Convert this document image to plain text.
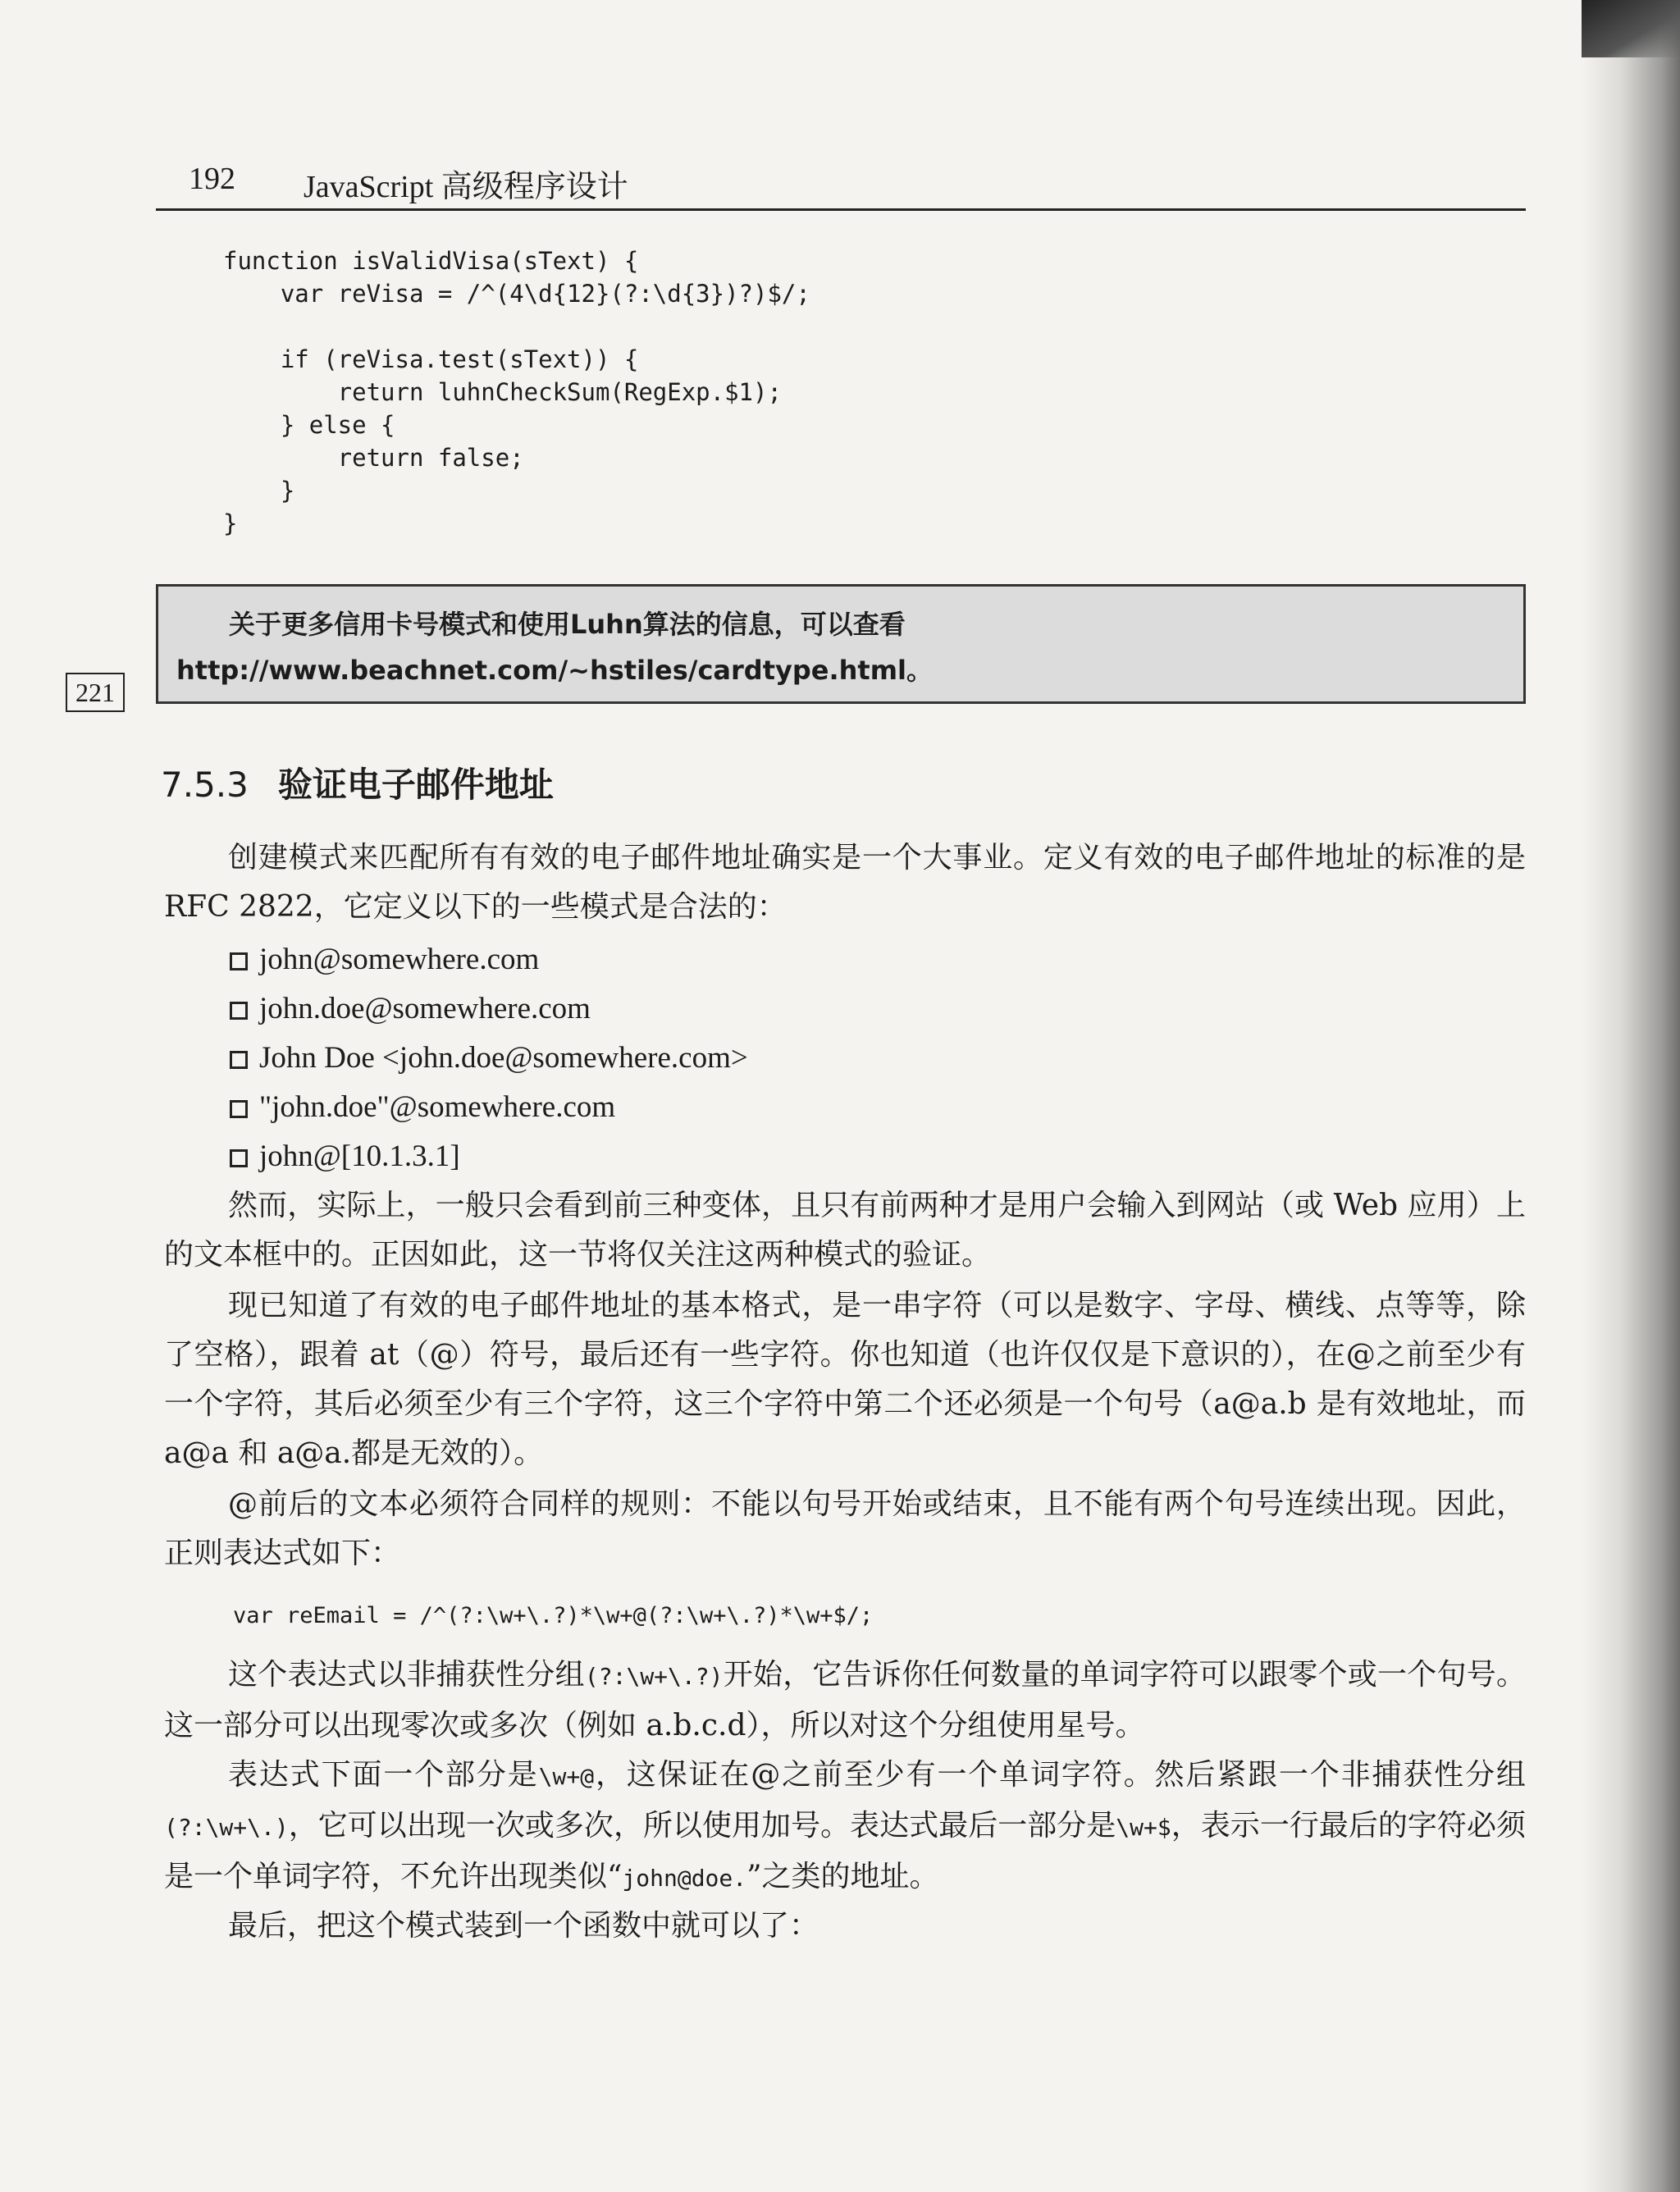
192 JavaScript 高级程序设计
function isValidVisa(sText) {
var reVisa = /^(4\d{12}(?:\d{3})?)$/;

if (reVisa.test(sText)) {
return luhnCheckSum(RegExp.$1);
} else {
return false;
}
}
关于更多信用卡号模式和使用Luhn算法的信息，可以查看http://www.beachnet.com/~hstiles/cardtype.html。
221
7.5.3 验证电子邮件地址

创建模式来匹配所有有效的电子邮件地址确实是一个大事业。定义有效的电子邮件地址的标准的是 RFC 2822，它定义以下的一些模式是合法的：

john@somewhere.com
john.doe@somewhere.com
John Doe <john.doe@somewhere.com>
"john.doe"@somewhere.com
john@[10.1.3.1]

然而，实际上，一般只会看到前三种变体，且只有前两种才是用户会输入到网站（或 Web 应用）上的文本框中的。正因如此，这一节将仅关注这两种模式的验证。

现已知道了有效的电子邮件地址的基本格式，是一串字符（可以是数字、字母、横线、点等等，除了空格），跟着 at（@）符号，最后还有一些字符。你也知道（也许仅仅是下意识的），在@之前至少有一个字符，其后必须至少有三个字符，这三个字符中第二个还必须是一个句号（a@a.b 是有效地址，而 a@a 和 a@a.都是无效的）。

@前后的文本必须符合同样的规则：不能以句号开始或结束，且不能有两个句号连续出现。因此，正则表达式如下：

var reEmail = /^(?:\w+\.?)*\w+@(?:\w+\.?)*\w+$/;

这个表达式以非捕获性分组(?:\w+\.?)开始，它告诉你任何数量的单词字符可以跟零个或一个句号。这一部分可以出现零次或多次（例如 a.b.c.d），所以对这个分组使用星号。

表达式下面一个部分是\w+@，这保证在@之前至少有一个单词字符。然后紧跟一个非捕获性分组(?:\w+\.)，它可以出现一次或多次，所以使用加号。表达式最后一部分是\w+$，表示一行最后的字符必须是一个单词字符，不允许出现类似“john@doe.”之类的地址。

最后，把这个模式装到一个函数中就可以了：
